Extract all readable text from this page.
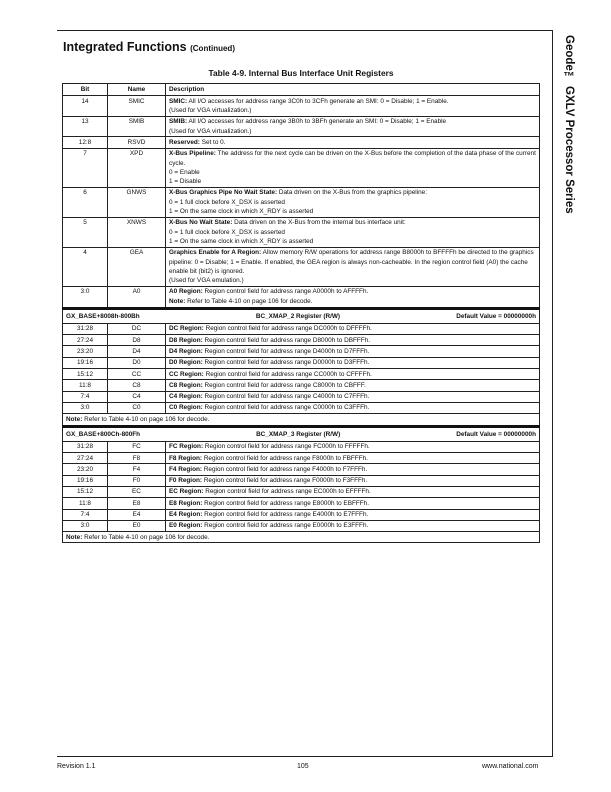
Integrated Functions (Continued)	Geode™ GXLV Processor Series
Table 4-9. Internal Bus Interface Unit Registers
Bit	Name	Description
14	SMIC	SMIC: All I/O accesses for address range 3C0h to 3CFh generate an SMI: 0 = Disable; 1 = Enable.
(Used for VGA virtualization.)

13	SMIB	SMIB: All I/O accesses for address range 3B0h to 3BFh generate an SMI: 0 = Disable; 1 = Enable
(Used for VGA virtualization.)

12:8	RSVD	Reserved: Set to 0.

7	XPD	X-Bus Pipeline: The address for the next cycle can be driven on the X-Bus before the completion of the data phase of the current cycle.
0 = Enable
1 = Disable

6	GNWS	X-Bus Graphics Pipe No Wait State: Data driven on the X-Bus from the graphics pipeline:
0 = 1 full clock before X_DSX is asserted
1 = On the same clock in which X_RDY is asserted

5	XNWS	X-Bus No Wait State: Data driven on the X-Bus from the internal bus interface unit:
0 = 1 full clock before X_DSX is asserted
1 = On the same clock in which X_RDY is asserted

4	GEA	Graphics Enable for A Region: Allow memory R/W operations for address range B8000h to BFFFFh be directed to the graphics pipeline: 0 = Disable; 1 = Enable. If enabled, the GEA region is always non-cacheable. In the region control field (A0) the cache enable bit (bit2) is ignored.
(Used for VGA emulation.)

3:0	A0	A0 Region: Region control field for address range A0000h to AFFFFh.
Note: Refer to Table 4-10 on page 106 for decode.

GX_BASE+8008h-800Bh BC_XMAP_2 Register (R/W) Default Value = 00000000h		

31:28	DC	DC Region: Region control field for address range DC000h to DFFFFh.

27:24	D8	D8 Region: Region control field for address range D8000h to DBFFFh.

23:20	D4	D4 Region: Region control field for address range D4000h to D7FFFh.

19:16	D0	D0 Region: Region control field for address range D0000h to D3FFFh.

15:12	CC	CC Region: Region control field for address range CC000h to CFFFFh.

11:8	C8	C8 Region: Region control field for address range C8000h to CBFFF.

7:4	C4	C4 Region: Region control field for address range C4000h to C7FFFh.

3:0	C0	C0 Region: Region control field for address range C0000h to C3FFFh.

Note: Refer to Table 4-10 on page 106 for decode.		

GX_BASE+800Ch-800Fh BC_XMAP_3 Register (R/W) Default Value = 00000000h		

31:28	FC	FC Region: Region control field for address range FC000h to FFFFFh.

27:24	F8	F8 Region: Region control field for address range F8000h to FBFFFh.

23:20	F4	F4 Region: Region control field for address range F4000h to F7FFFh.

19:16	F0	F0 Region: Region control field for address range F0000h to F3FFFh.

15:12	EC	EC Region: Region control field for address range EC000h to EFFFFh.

11:8	E8	E8 Region: Region control field for address range E8000h to EBFFFh.

7:4	E4	E4 Region: Region control field for address range E4000h to E7FFFh.

3:0	E0	E0 Region: Region control field for address range E0000h to E3FFFh.

Note: Refer to Table 4-10 on page 106 for decode.		
Revision 1.1	105	www.national.com
